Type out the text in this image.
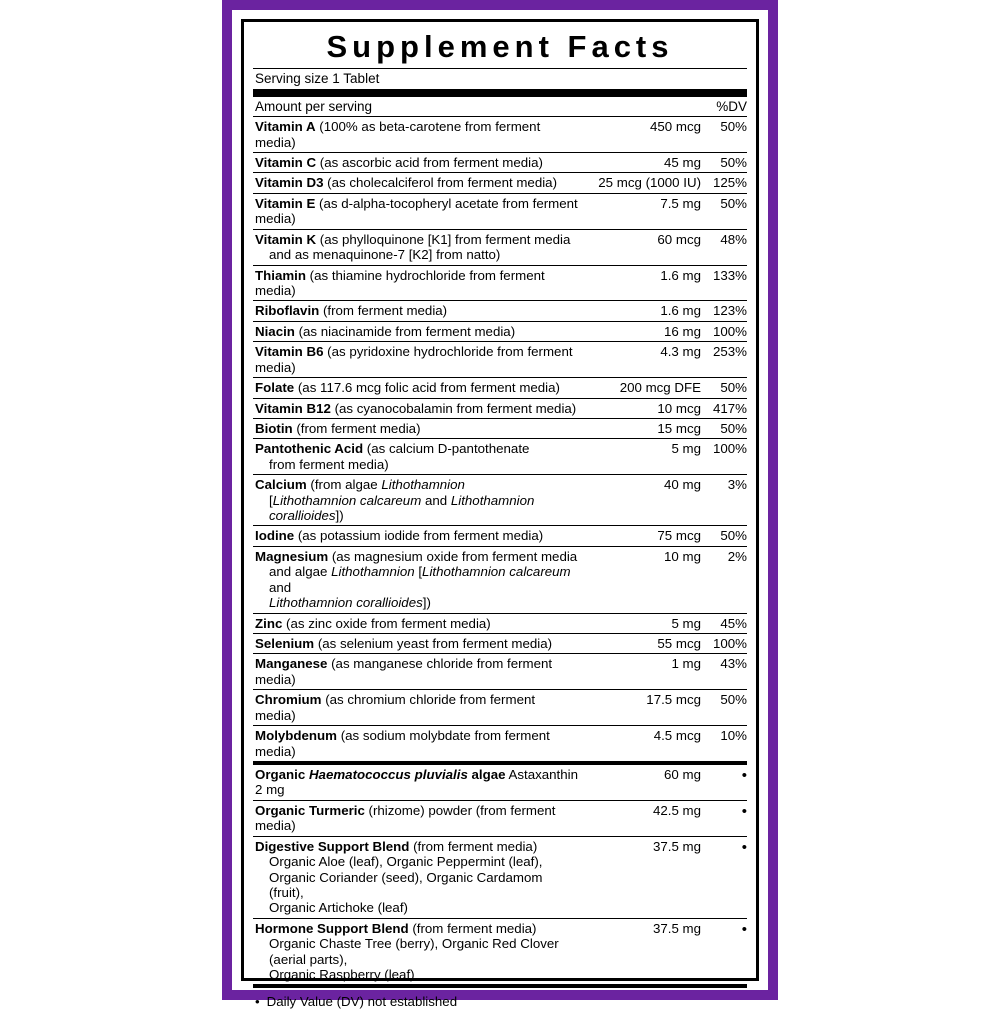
Supplement Facts
Serving size 1 Tablet
Amount per serving		%DV
Vitamin A (100% as beta-carotene from ferment media)	450 mcg	50%
Vitamin C (as ascorbic acid from ferment media)	45 mg	50%
Vitamin D3 (as cholecalciferol from ferment media)	25 mcg (1000 IU)	125%
Vitamin E (as d-alpha-tocopheryl acetate from ferment media)	7.5 mg	50%
Vitamin K (as phylloquinone [K1] from ferment media
and as menaquinone-7 [K2] from natto)	60 mcg	48%
Thiamin (as thiamine hydrochloride from ferment media)	1.6 mg	133%
Riboflavin (from ferment media)	1.6 mg	123%
Niacin (as niacinamide from ferment media)	16 mg	100%
Vitamin B6 (as pyridoxine hydrochloride from ferment media)	4.3 mg	253%
Folate (as 117.6 mcg folic acid from ferment media)	200 mcg DFE	50%
Vitamin B12 (as cyanocobalamin from ferment media)	10 mcg	417%
Biotin (from ferment media)	15 mcg	50%
Pantothenic Acid (as calcium D-pantothenate
from ferment media)	5 mg	100%
Calcium (from algae Lithothamnion
[Lithothamnion calcareum and Lithothamnion corallioides])	40 mg	3%
Iodine (as potassium iodide from ferment media)	75 mcg	50%
Magnesium (as magnesium oxide from ferment media
and algae Lithothamnion [Lithothamnion calcareum and
Lithothamnion corallioides])	10 mg	2%
Zinc (as zinc oxide from ferment media)	5 mg	45%
Selenium (as selenium yeast from ferment media)	55 mcg	100%
Manganese (as manganese chloride from ferment media)	1 mg	43%
Chromium (as chromium chloride from ferment media)	17.5 mcg	50%
Molybdenum (as sodium molybdate from ferment media)	4.5 mcg	10%
Organic Haematococcus pluvialis algae Astaxanthin 2 mg	60 mg	•
Organic Turmeric (rhizome) powder (from ferment media)	42.5 mg	•
Digestive Support Blend (from ferment media)
Organic Aloe (leaf), Organic Peppermint (leaf),
Organic Coriander (seed), Organic Cardamom (fruit),
Organic Artichoke (leaf)	37.5 mg	•
Hormone Support Blend (from ferment media)
Organic Chaste Tree (berry), Organic Red Clover (aerial parts),
Organic Raspberry (leaf)	37.5 mg	•
• Daily Value (DV) not established
